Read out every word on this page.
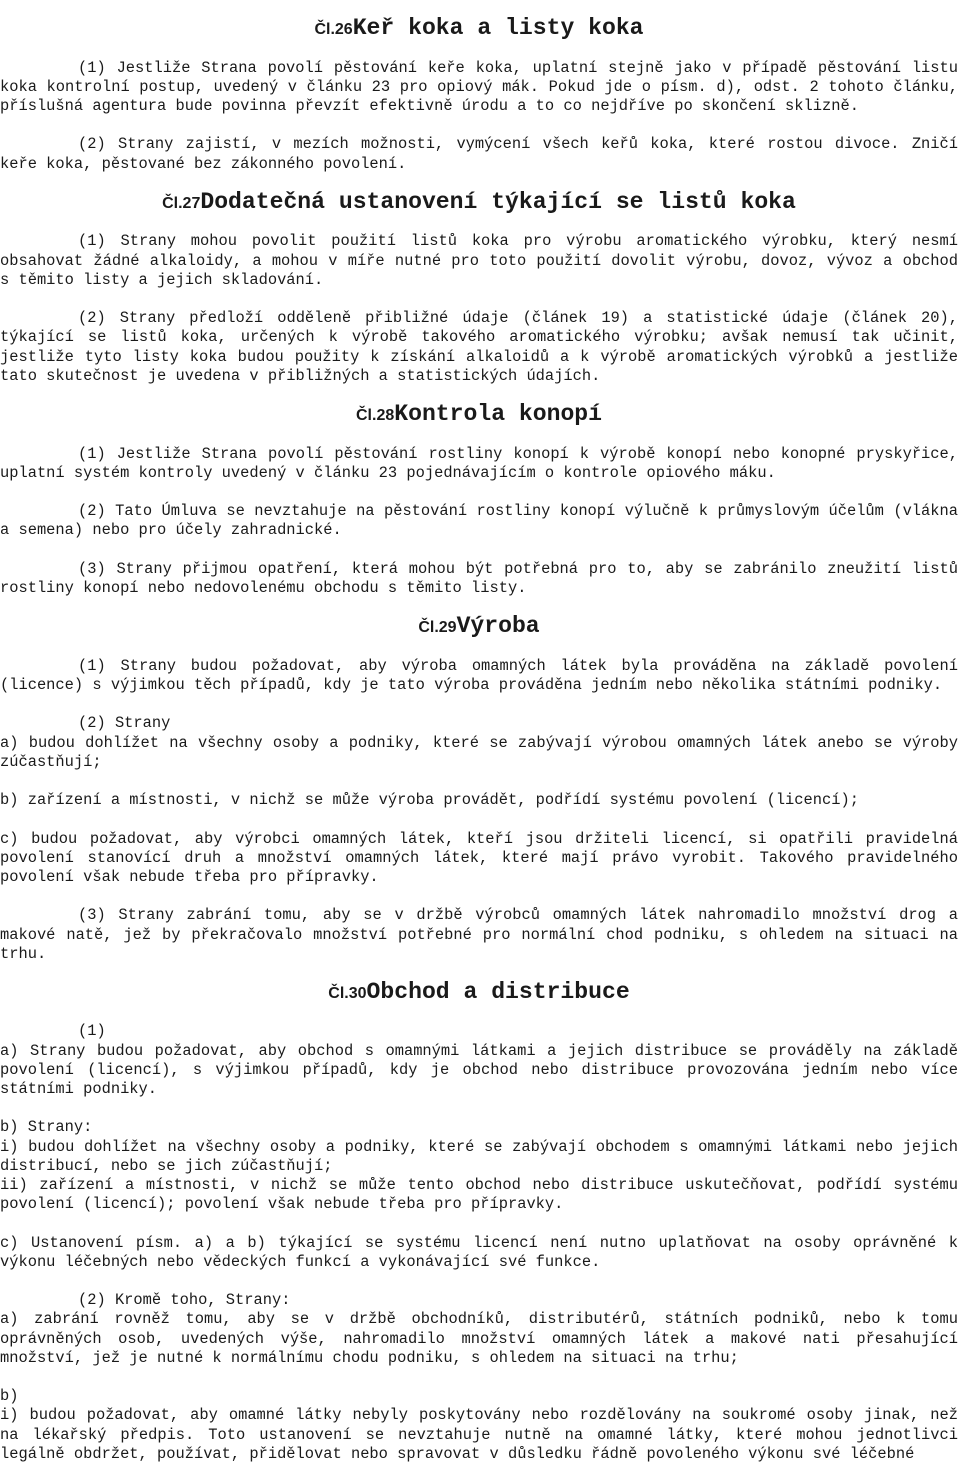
Čl.26Keř koka a listy koka

(1) Jestliže Strana povolí pěstování keře koka, uplatní stejně jako v případě pěstování listu koka kontrolní postup, uvedený v článku 23 pro opiový mák. Pokud jde o písm. d), odst. 2 tohoto článku, příslušná agentura bude povinna převzít efektivně úrodu a to co nejdříve po skončení sklizně.

(2) Strany zajistí, v mezích možnosti, vymýcení všech keřů koka, které rostou divoce. Zničí keře koka, pěstované bez zákonného povolení.

Čl.27Dodatečná ustanovení týkající se listů koka

(1) Strany mohou povolit použití listů koka pro výrobu aromatického výrobku, který nesmí obsahovat žádné alkaloidy, a mohou v míře nutné pro toto použití dovolit výrobu, dovoz, vývoz a obchod s těmito listy a jejich skladování.

(2) Strany předloží odděleně přibližné údaje (článek 19) a statistické údaje (článek 20), týkající se listů koka, určených k výrobě takového aromatického výrobku; avšak nemusí tak učinit, jestliže tyto listy koka budou použity k získání alkaloidů a k výrobě aromatických výrobků a jestliže tato skutečnost je uvedena v přibližných a statistických údajích.

Čl.28Kontrola konopí

(1) Jestliže Strana povolí pěstování rostliny konopí k výrobě konopí nebo konopné pryskyřice, uplatní systém kontroly uvedený v článku 23 pojednávajícím o kontrole opiového máku.

(2) Tato Úmluva se nevztahuje na pěstování rostliny konopí výlučně k průmyslovým účelům (vlákna a semena) nebo pro účely zahradnické.

(3) Strany přijmou opatření, která mohou být potřebná pro to, aby se zabránilo zneužití listů rostliny konopí nebo nedovolenému obchodu s těmito listy.

Čl.29Výroba

(1) Strany budou požadovat, aby výroba omamných látek byla prováděna na základě povolení (licence) s výjimkou těch případů, kdy je tato výroba prováděna jedním nebo několika státními podniky.

(2) Strany

a) budou dohlížet na všechny osoby a podniky, které se zabývají výrobou omamných látek anebo se výroby zúčastňují;

b) zařízení a místnosti, v nichž se může výroba provádět, podřídí systému povolení (licencí);

c) budou požadovat, aby výrobci omamných látek, kteří jsou držiteli licencí, si opatřili pravidelná povolení stanovící druh a množství omamných látek, které mají právo vyrobit. Takového pravidelného povolení však nebude třeba pro přípravky.

(3) Strany zabrání tomu, aby se v držbě výrobců omamných látek nahromadilo množství drog a makové natě, jež by překračovalo množství potřebné pro normální chod podniku, s ohledem na situaci na trhu.

Čl.30Obchod a distribuce

(1)

a) Strany budou požadovat, aby obchod s omamnými látkami a jejich distribuce se prováděly na základě povolení (licencí), s výjimkou případů, kdy je obchod nebo distribuce provozována jedním nebo více státními podniky.

b) Strany:

i) budou dohlížet na všechny osoby a podniky, které se zabývají obchodem s omamnými látkami nebo jejich distribucí, nebo se jich zúčastňují;

ii) zařízení a místnosti, v nichž se může tento obchod nebo distribuce uskutečňovat, podřídí systému povolení (licencí); povolení však nebude třeba pro přípravky.

c) Ustanovení písm. a) a b) týkající se systému licencí není nutno uplatňovat na osoby oprávněné k výkonu léčebných nebo vědeckých funkcí a vykonávající své funkce.

(2) Kromě toho, Strany:

a) zabrání rovněž tomu, aby se v držbě obchodníků, distributérů, státních podniků, nebo k tomu oprávněných osob, uvedených výše, nahromadilo množství omamných látek a makové nati přesahující množství, jež je nutné k normálnímu chodu podniku, s ohledem na situaci na trhu;

b)

i) budou požadovat, aby omamné látky nebyly poskytovány nebo rozdělovány na soukromé osoby jinak, než na lékařský předpis. Toto ustanovení se nevztahuje nutně na omamné látky, které mohou jednotlivci legálně obdržet, používat, přidělovat nebo spravovat v důsledku řádně povoleného výkonu své léčebné
